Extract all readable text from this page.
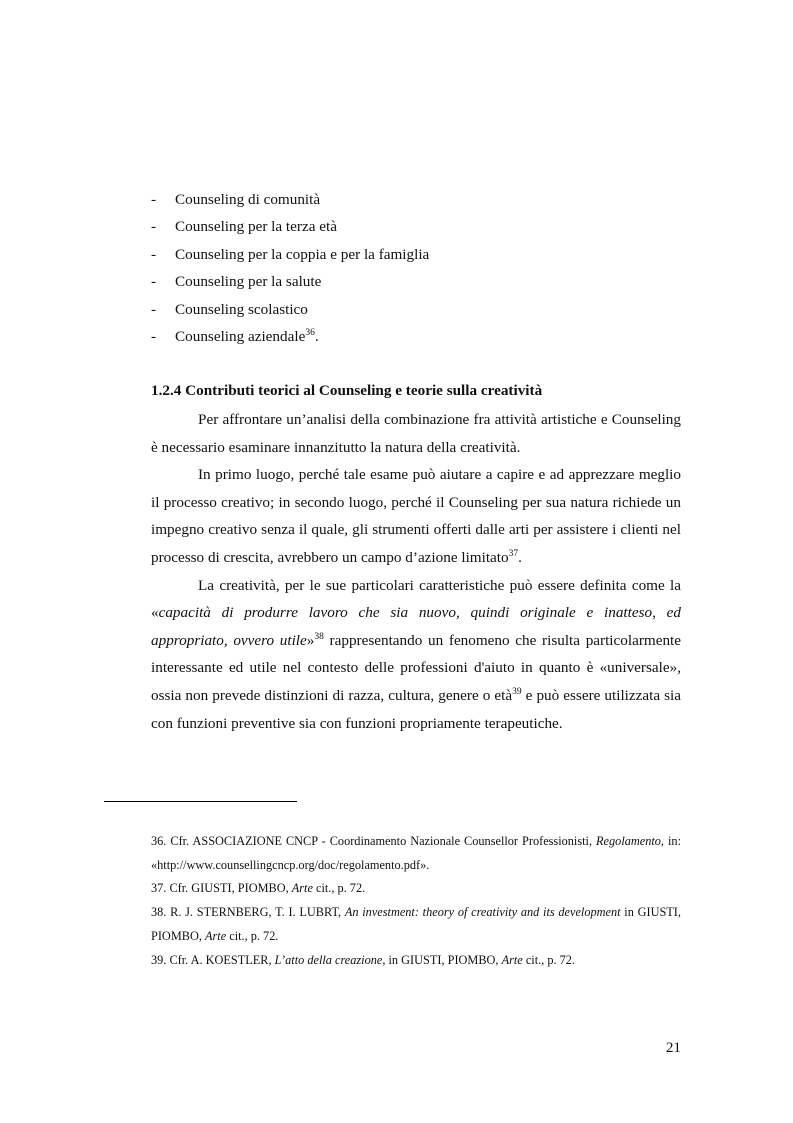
- Counseling di comunità
- Counseling per la terza età
- Counseling per la coppia e per la famiglia
- Counseling per la salute
- Counseling scolastico
- Counseling aziendale$^{36}$.
1.2.4 Contributi teorici al Counseling e teorie sulla creatività

Per affrontare un’analisi della combinazione fra attività artistiche e Counseling è necessario esaminare innanzitutto la natura della creatività.

In primo luogo, perché tale esame può aiutare a capire e ad apprezzare meglio il processo creativo; in secondo luogo, perché il Counseling per sua natura richiede un impegno creativo senza il quale, gli strumenti offerti dalle arti per assistere i clienti nel processo di crescita, avrebbero un campo d’azione limitato$^{37}$.

La creatività, per le sue particolari caratteristiche può essere definita come la «capacità di produrre lavoro che sia nuovo, quindi originale e inatteso, ed appropriato, ovvero utile»$^{38}$ rappresentando un fenomeno che risulta particolarmente interessante ed utile nel contesto delle professioni d'aiuto in quanto è «universale», ossia non prevede distinzioni di razza, cultura, genere o età$^{39}$ e può essere utilizzata sia con funzioni preventive sia con funzioni propriamente terapeutiche.

36. Cfr. ASSOCIAZIONE CNCP - Coordinamento Nazionale Counsellor Professionisti, Regolamento, in: «http://www.counsellingcncp.org/doc/regolamento.pdf».

37. Cfr. GIUSTI, PIOMBO, Arte cit., p. 72.

38. R. J. STERNBERG, T. I. LUBRT, An investment: theory of creativity and its development in GIUSTI, PIOMBO, Arte cit., p. 72.

39. Cfr. A. KOESTLER, L’atto della creazione, in GIUSTI, PIOMBO, Arte cit., p. 72.

21
